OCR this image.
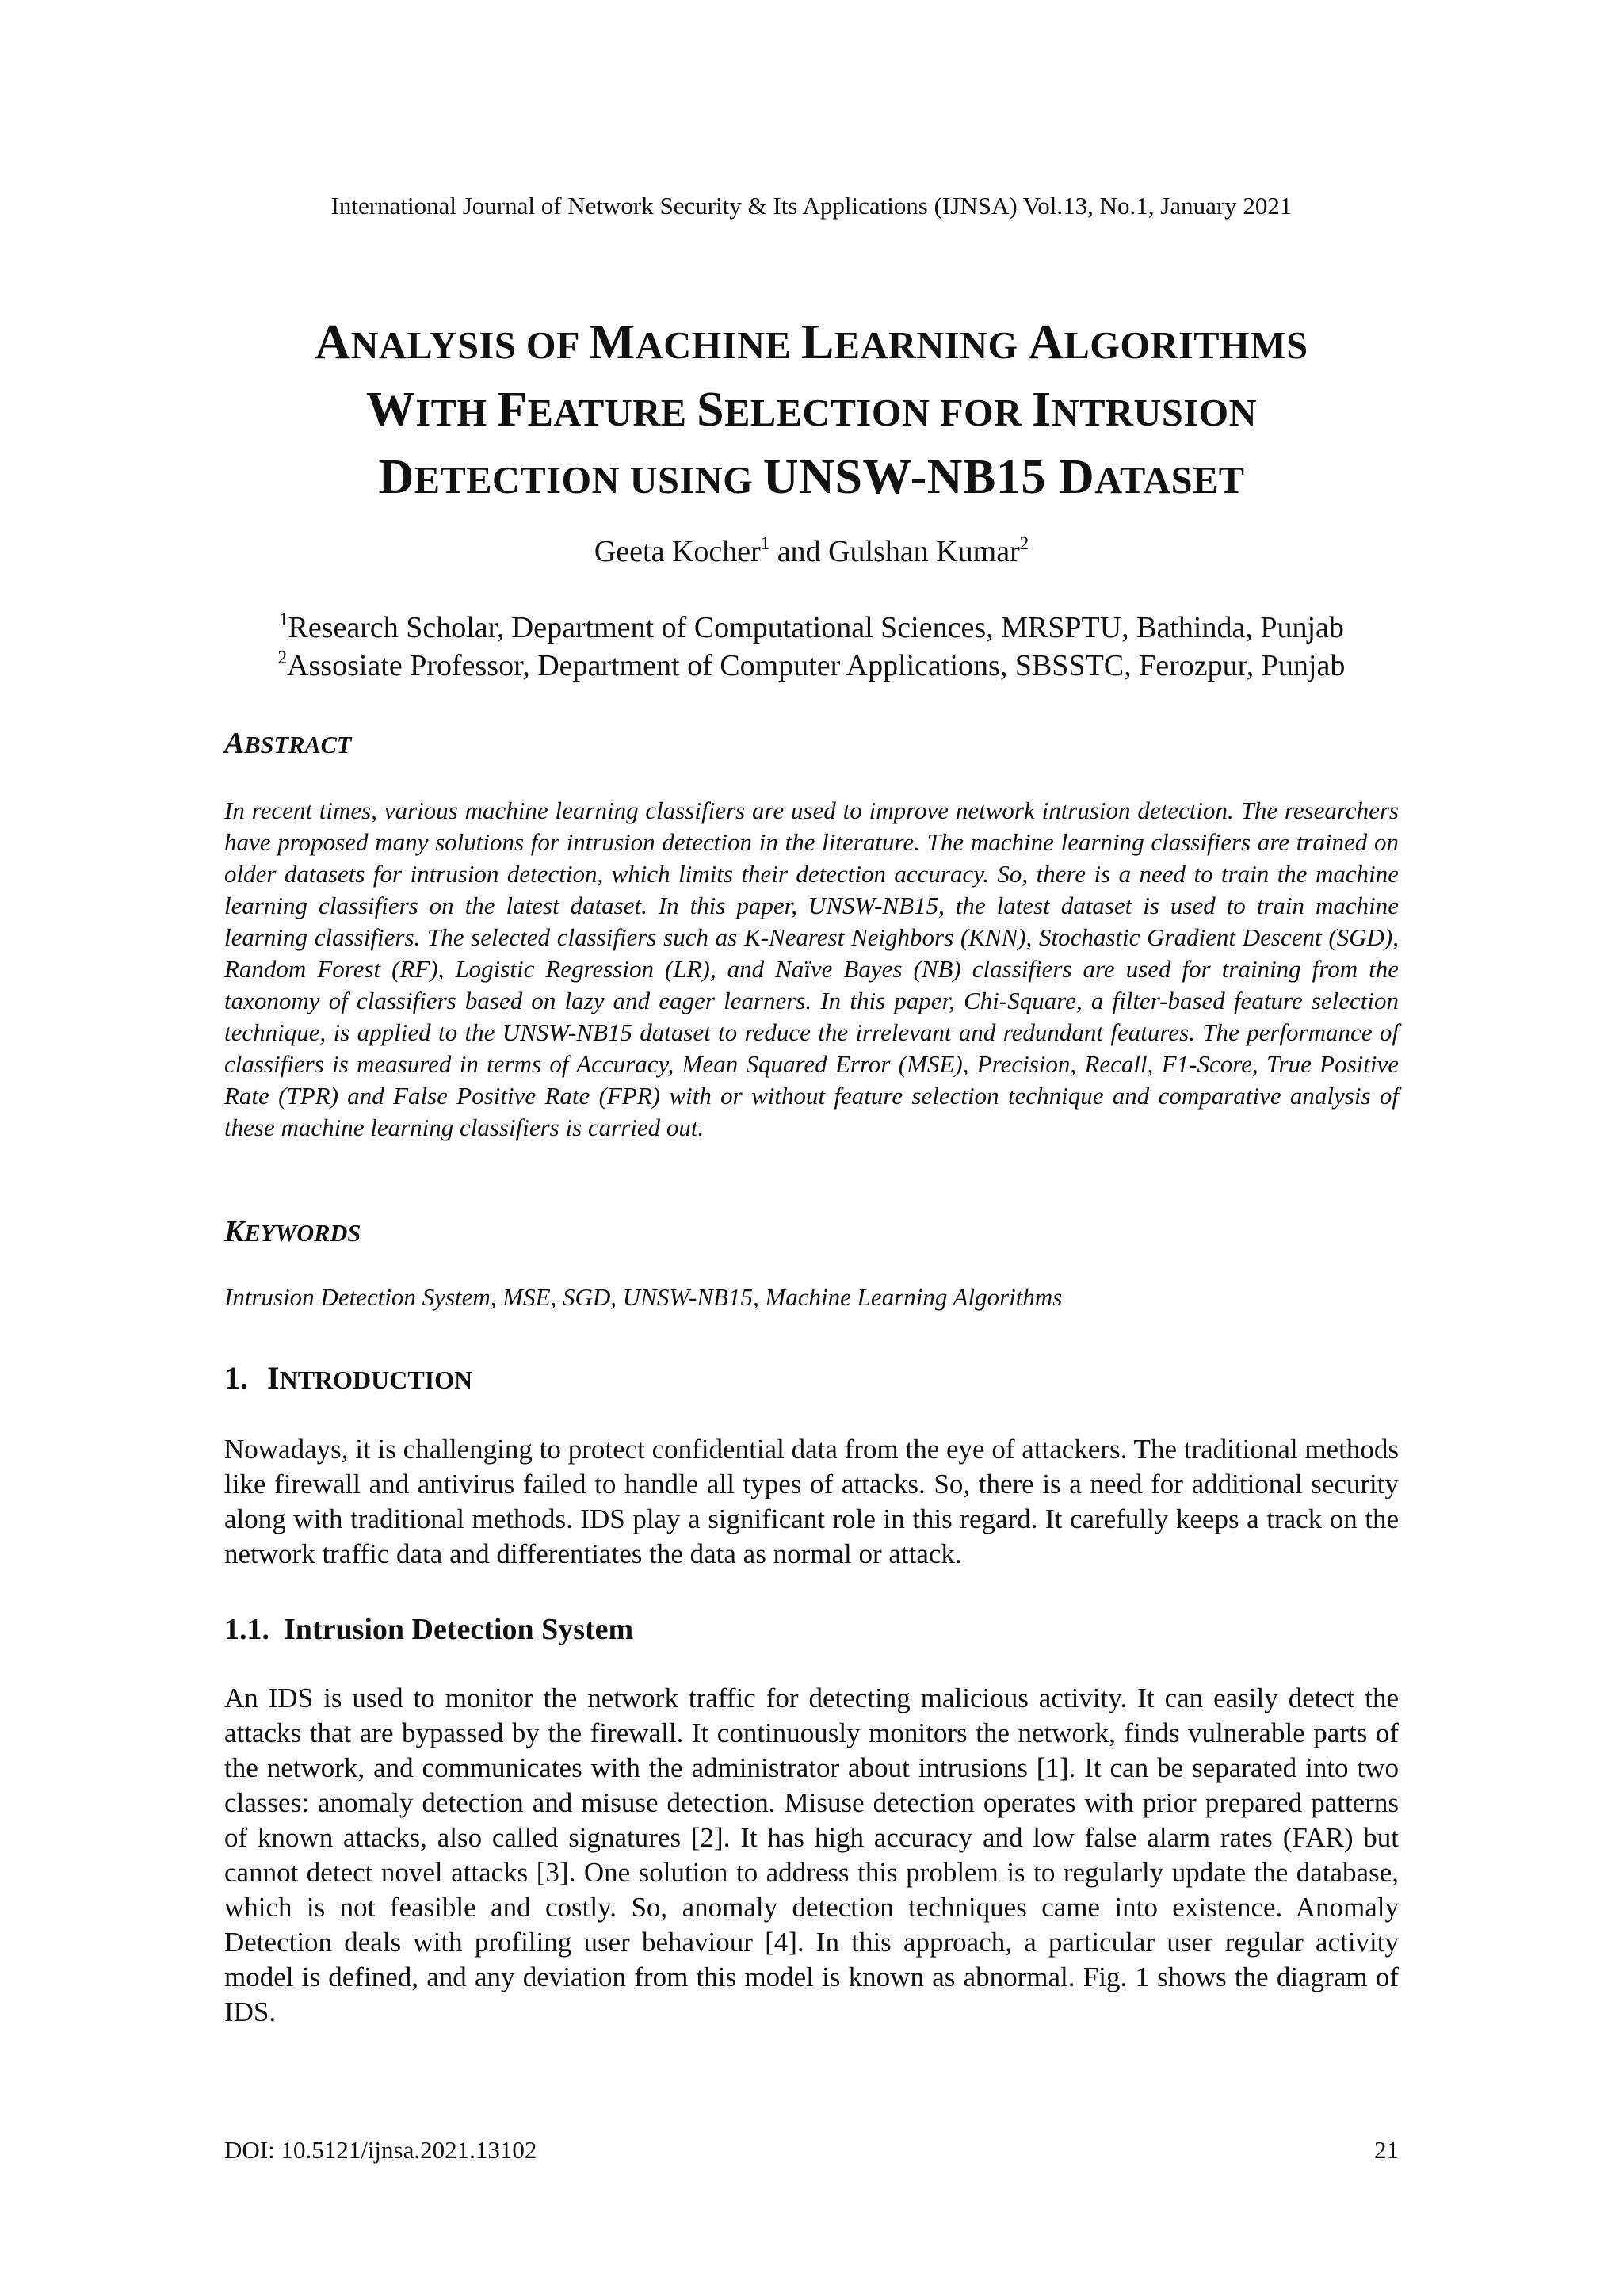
International Journal of Network Security & Its Applications (IJNSA) Vol.13, No.1, January 2021
ANALYSIS OF MACHINE LEARNING ALGORITHMS
WITH FEATURE SELECTION FOR INTRUSION
DETECTION USING UNSW-NB15 DATASET
Geeta Kocher$^1$ and Gulshan Kumar$^2$
$^1$Research Scholar, Department of Computational Sciences, MRSPTU, Bathinda, Punjab
$^2$Assosiate Professor, Department of Computer Applications, SBSSTC, Ferozpur, Punjab
ABSTRACT

In recent times, various machine learning classifiers are used to improve network intrusion detection. The researchers have proposed many solutions for intrusion detection in the literature. The machine learning classifiers are trained on older datasets for intrusion detection, which limits their detection accuracy. So, there is a need to train the machine learning classifiers on the latest dataset. In this paper, UNSW-NB15, the latest dataset is used to train machine learning classifiers. The selected classifiers such as K-Nearest Neighbors (KNN), Stochastic Gradient Descent (SGD), Random Forest (RF), Logistic Regression (LR), and Naïve Bayes (NB) classifiers are used for training from the taxonomy of classifiers based on lazy and eager learners. In this paper, Chi-Square, a filter-based feature selection technique, is applied to the UNSW-NB15 dataset to reduce the irrelevant and redundant features. The performance of classifiers is measured in terms of Accuracy, Mean Squared Error (MSE), Precision, Recall, F1-Score, True Positive Rate (TPR) and False Positive Rate (FPR) with or without feature selection technique and comparative analysis of these machine learning classifiers is carried out.

KEYWORDS

Intrusion Detection System, MSE, SGD, UNSW-NB15, Machine Learning Algorithms

1. INTRODUCTION

Nowadays, it is challenging to protect confidential data from the eye of attackers. The traditional methods like firewall and antivirus failed to handle all types of attacks. So, there is a need for additional security along with traditional methods. IDS play a significant role in this regard. It carefully keeps a track on the network traffic data and differentiates the data as normal or attack.

1.1. Intrusion Detection System

An IDS is used to monitor the network traffic for detecting malicious activity. It can easily detect the attacks that are bypassed by the firewall. It continuously monitors the network, finds vulnerable parts of the network, and communicates with the administrator about intrusions [1]. It can be separated into two classes: anomaly detection and misuse detection. Misuse detection operates with prior prepared patterns of known attacks, also called signatures [2]. It has high accuracy and low false alarm rates (FAR) but cannot detect novel attacks [3]. One solution to address this problem is to regularly update the database, which is not feasible and costly. So, anomaly detection techniques came into existence. Anomaly Detection deals with profiling user behaviour [4]. In this approach, a particular user regular activity model is defined, and any deviation from this model is known as abnormal. Fig. 1 shows the diagram of IDS.

DOI: 10.5121/ijnsa.2021.13102	21
